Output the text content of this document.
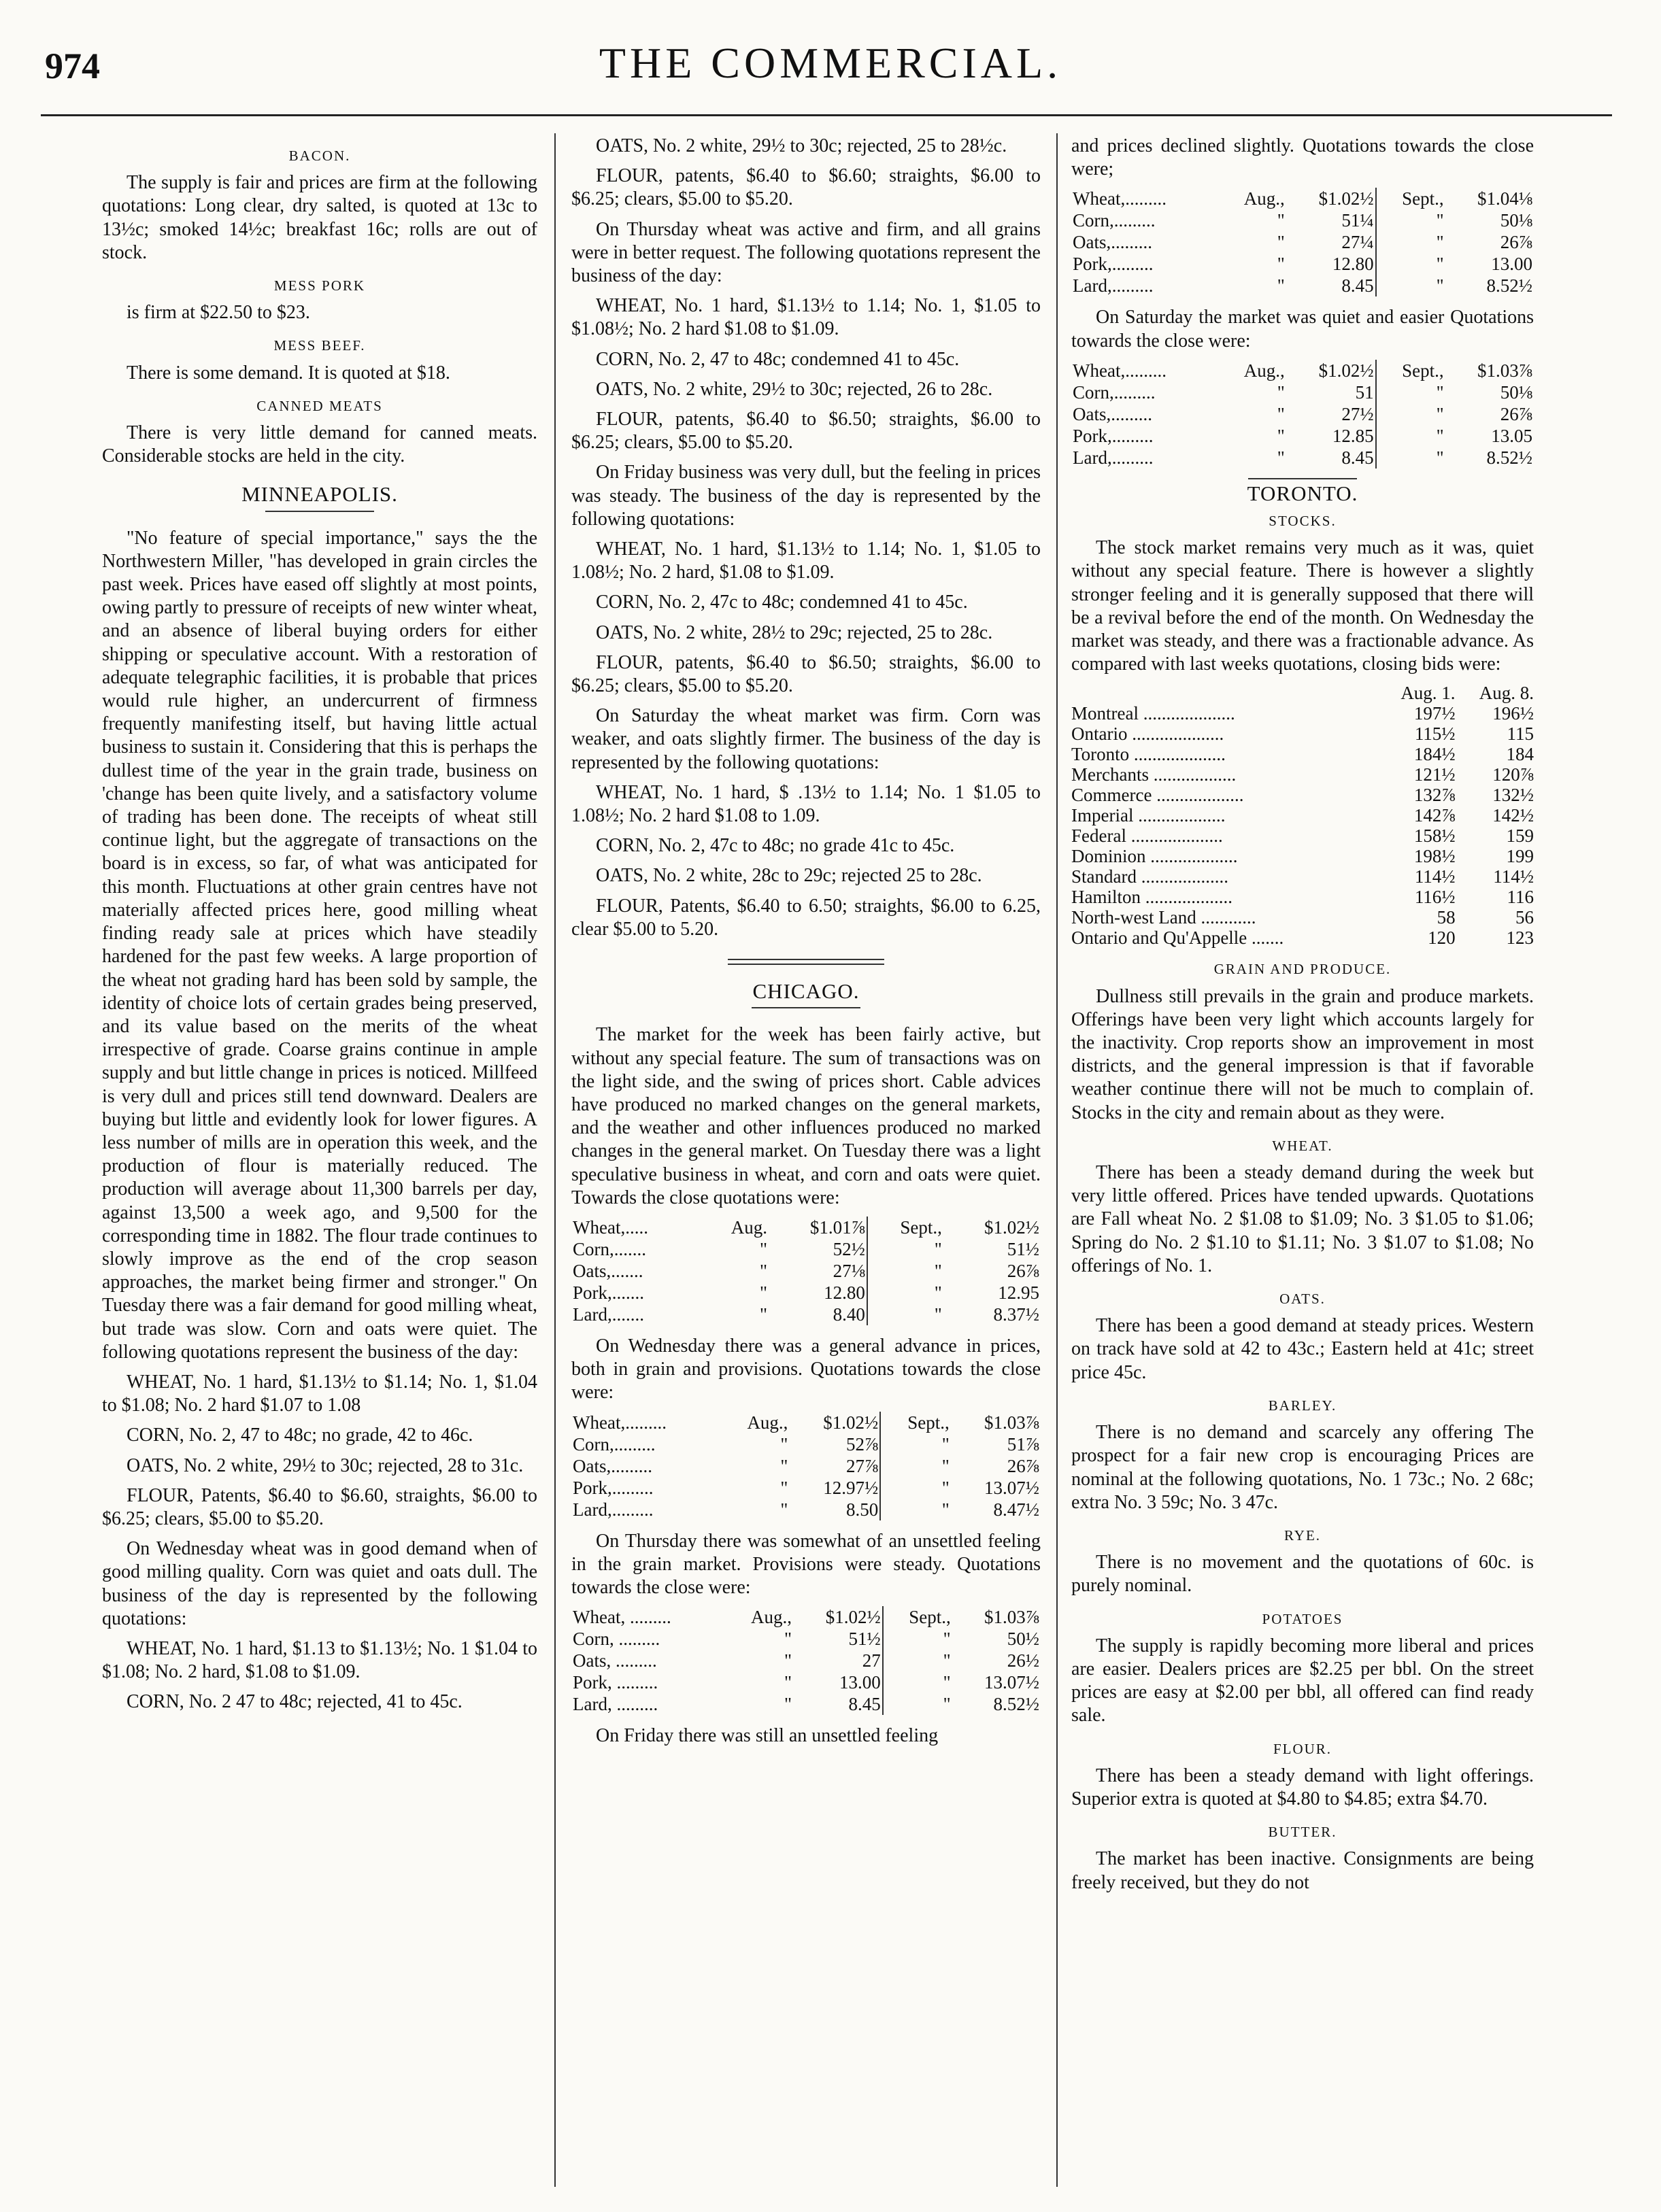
974	THE COMMERCIAL.
BACON.

The supply is fair and prices are firm at the following quotations: Long clear, dry salted, is quoted at 13c to 13½c; smoked 14½c; breakfast 16c; rolls are out of stock.

MESS PORK

is firm at $22.50 to $23.

MESS BEEF.

There is some demand. It is quoted at $18.

CANNED MEATS

There is very little demand for canned meats. Considerable stocks are held in the city.

MINNEAPOLIS.

"No feature of special importance," says the the Northwestern Miller, "has developed in grain circles the past week. Prices have eased off slightly at most points, owing partly to pressure of receipts of new winter wheat, and an absence of liberal buying orders for either shipping or speculative account. With a restoration of adequate telegraphic facilities, it is probable that prices would rule higher, an undercurrent of firmness frequently manifesting itself, but having little actual business to sustain it. Considering that this is perhaps the dullest time of the year in the grain trade, business on 'change has been quite lively, and a satisfactory volume of trading has been done. The receipts of wheat still continue light, but the aggregate of transactions on the board is in excess, so far, of what was anticipated for this month. Fluctuations at other grain centres have not materially affected prices here, good milling wheat finding ready sale at prices which have steadily hardened for the past few weeks. A large proportion of the wheat not grading hard has been sold by sample, the identity of choice lots of certain grades being preserved, and its value based on the merits of the wheat irrespective of grade. Coarse grains continue in ample supply and but little change in prices is noticed. Millfeed is very dull and prices still tend downward. Dealers are buying but little and evidently look for lower figures. A less number of mills are in operation this week, and the production of flour is materially reduced. The production will average about 11,300 barrels per day, against 13,500 a week ago, and 9,500 for the corresponding time in 1882. The flour trade continues to slowly improve as the end of the crop season approaches, the market being firmer and stronger." On Tuesday there was a fair demand for good milling wheat, but trade was slow. Corn and oats were quiet. The following quotations represent the business of the day:

WHEAT, No. 1 hard, $1.13½ to $1.14; No. 1, $1.04 to $1.08; No. 2 hard $1.07 to 1.08

CORN, No. 2, 47 to 48c; no grade, 42 to 46c.

OATS, No. 2 white, 29½ to 30c; rejected, 28 to 31c.

FLOUR, Patents, $6.40 to $6.60, straights, $6.00 to $6.25; clears, $5.00 to $5.20.

On Wednesday wheat was in good demand when of good milling quality. Corn was quiet and oats dull. The business of the day is represented by the following quotations:

WHEAT, No. 1 hard, $1.13 to $1.13½; No. 1 $1.04 to $1.08; No. 2 hard, $1.08 to $1.09.

CORN, No. 2 47 to 48c; rejected, 41 to 45c.

OATS, No. 2 white, 29½ to 30c; rejected, 25 to 28½c.

FLOUR, patents, $6.40 to $6.60; straights, $6.00 to $6.25; clears, $5.00 to $5.20.

On Thursday wheat was active and firm, and all grains were in better request. The following quotations represent the business of the day:

WHEAT, No. 1 hard, $1.13½ to 1.14; No. 1, $1.05 to $1.08½; No. 2 hard $1.08 to $1.09.

CORN, No. 2, 47 to 48c; condemned 41 to 45c.

OATS, No. 2 white, 29½ to 30c; rejected, 26 to 28c.

FLOUR, patents, $6.40 to $6.50; straights, $6.00 to $6.25; clears, $5.00 to $5.20.

On Friday business was very dull, but the feeling in prices was steady. The business of the day is represented by the following quotations:

WHEAT, No. 1 hard, $1.13½ to 1.14; No. 1, $1.05 to 1.08½; No. 2 hard, $1.08 to $1.09.

CORN, No. 2, 47c to 48c; condemned 41 to 45c.

OATS, No. 2 white, 28½ to 29c; rejected, 25 to 28c.

FLOUR, patents, $6.40 to $6.50; straights, $6.00 to $6.25; clears, $5.00 to $5.20.

On Saturday the wheat market was firm. Corn was weaker, and oats slightly firmer. The business of the day is represented by the following quotations:

WHEAT, No. 1 hard, $ .13½ to 1.14; No. 1 $1.05 to 1.08½; No. 2 hard $1.08 to 1.09.

CORN, No. 2, 47c to 48c; no grade 41c to 45c.

OATS, No. 2 white, 28c to 29c; rejected 25 to 28c.

FLOUR, Patents, $6.40 to 6.50; straights, $6.00 to 6.25, clear $5.00 to 5.20.

CHICAGO.

The market for the week has been fairly active, but without any special feature. The sum of transactions was on the light side, and the swing of prices short. Cable advices have produced no marked changes on the general markets, and the weather and other influences produced no marked changes in the general market. On Tuesday there was a light speculative business in wheat, and corn and oats were quiet. Towards the close quotations were:

Wheat,.....	Aug.	$1.01⅞	Sept.,	$1.02½
Corn,.......	"	52½	"	51½
Oats,.......	"	27⅛	"	26⅞
Pork,.......	"	12.80	"	12.95
Lard,.......	"	8.40	"	8.37½

On Wednesday there was a general advance in prices, both in grain and provisions. Quotations towards the close were:

Wheat,.........	Aug.,	$1.02½	Sept.,	$1.03⅞
Corn,.........	"	52⅞	"	51⅞
Oats,.........	"	27⅞	"	26⅞
Pork,.........	"	12.97½	"	13.07½
Lard,.........	"	8.50	"	8.47½

On Thursday there was somewhat of an unsettled feeling in the grain market. Provisions were steady. Quotations towards the close were:

Wheat, .........	Aug.,	$1.02½	Sept.,	$1.03⅞
Corn, .........	"	51½	"	50½
Oats, .........	"	27	"	26½
Pork, .........	"	13.00	"	13.07½
Lard, .........	"	8.45	"	8.52½

On Friday there was still an unsettled feeling

and prices declined slightly. Quotations towards the close were;

Wheat,.........	Aug.,	$1.02½	Sept.,	$1.04⅛
Corn,.........	"	51¼	"	50⅛
Oats,.........	"	27¼	"	26⅞
Pork,.........	"	12.80	"	13.00
Lard,.........	"	8.45	"	8.52½

On Saturday the market was quiet and easier Quotations towards the close were:

Wheat,.........	Aug.,	$1.02½	Sept.,	$1.03⅞
Corn,.........	"	51	"	50⅛
Oats,.........	"	27½	"	26⅞
Pork,.........	"	12.85	"	13.05
Lard,.........	"	8.45	"	8.52½
TORONTO.
STOCKS.

The stock market remains very much as it was, quiet without any special feature. There is however a slightly stronger feeling and it is generally supposed that there will be a revival before the end of the month. On Wednesday the market was steady, and there was a fractionable advance. As compared with last weeks quotations, closing bids were:

	Aug. 1.	Aug. 8.
Montreal ....................	197½	196½
Ontario ....................	115½	115
Toronto ....................	184½	184
Merchants ..................	121½	120⅞
Commerce ...................	132⅞	132½
Imperial ...................	142⅞	142½
Federal ....................	158½	159
Dominion ...................	198½	199
Standard ...................	114½	114½
Hamilton ...................	116½	116
North-west Land ............	58	56
Ontario and Qu'Appelle .......	120	123
GRAIN AND PRODUCE.

Dullness still prevails in the grain and produce markets. Offerings have been very light which accounts largely for the inactivity. Crop reports show an improvement in most districts, and the general impression is that if favorable weather continue there will not be much to complain of. Stocks in the city and remain about as they were.

WHEAT.

There has been a steady demand during the week but very little offered. Prices have tended upwards. Quotations are Fall wheat No. 2 $1.08 to $1.09; No. 3 $1.05 to $1.06; Spring do No. 2 $1.10 to $1.11; No. 3 $1.07 to $1.08; No offerings of No. 1.

OATS.

There has been a good demand at steady prices. Western on track have sold at 42 to 43c.; Eastern held at 41c; street price 45c.

BARLEY.

There is no demand and scarcely any offering The prospect for a fair new crop is encouraging Prices are nominal at the following quotations, No. 1 73c.; No. 2 68c; extra No. 3 59c; No. 3 47c.

RYE.

There is no movement and the quotations of 60c. is purely nominal.

POTATOES

The supply is rapidly becoming more liberal and prices are easier. Dealers prices are $2.25 per bbl. On the street prices are easy at $2.00 per bbl, all offered can find ready sale.

FLOUR.

There has been a steady demand with light offerings. Superior extra is quoted at $4.80 to $4.85; extra $4.70.

BUTTER.

The market has been inactive. Consignments are being freely received, but they do not
